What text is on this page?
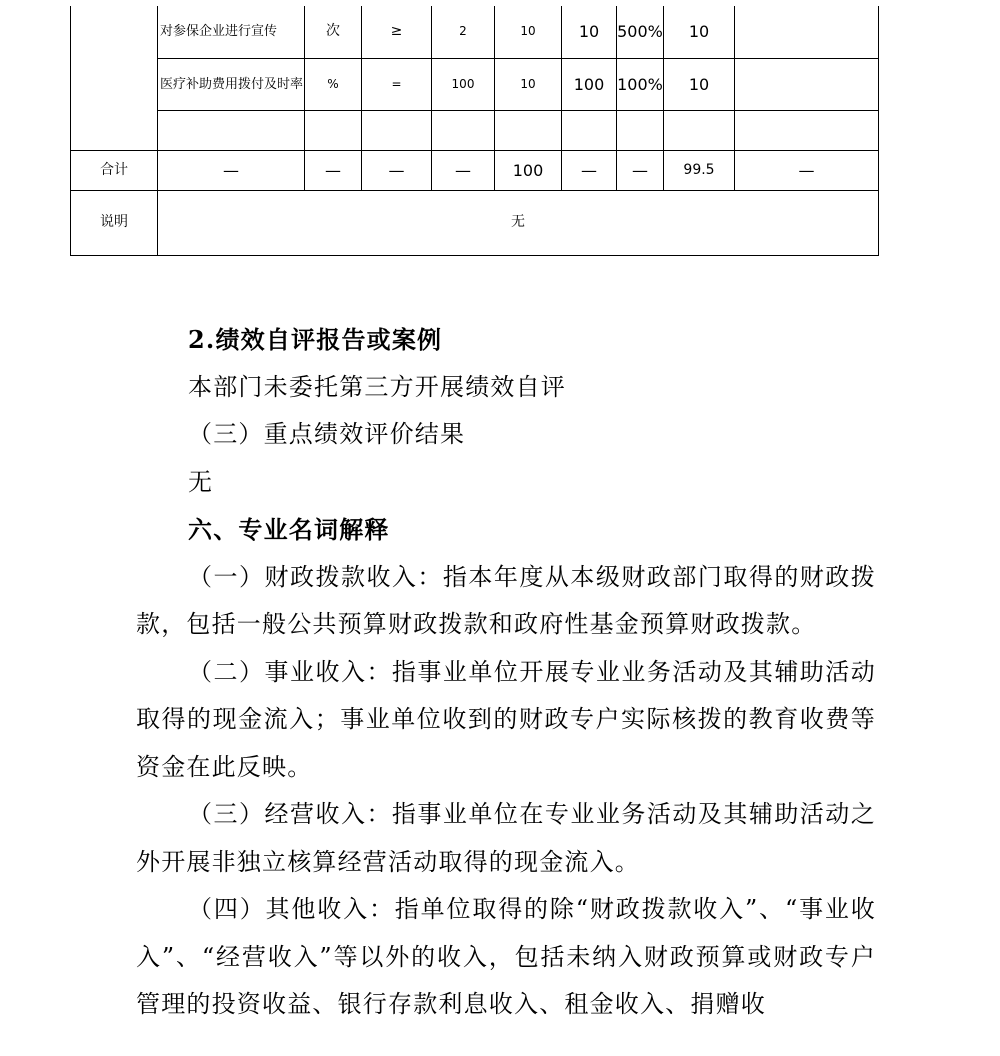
	对参保企业进行宣传	次	≥	2	10	10	500%	10	
	医疗补助费用拨付及时率	%	=	100	10	100	100%	10	

合计	—	—	—	—	100	—	—	99.5	—
说明	无								

2.绩效自评报告或案例

本部门未委托第三方开展绩效自评

（三）重点绩效评价结果

无

六、专业名词解释

（一）财政拨款收入：指本年度从本级财政部门取得的财政拨款，包括一般公共预算财政拨款和政府性基金预算财政拨款。

（二）事业收入：指事业单位开展专业业务活动及其辅助活动取得的现金流入；事业单位收到的财政专户实际核拨的教育收费等资金在此反映。

（三）经营收入：指事业单位在专业业务活动及其辅助活动之外开展非独立核算经营活动取得的现金流入。

（四）其他收入：指单位取得的除“财政拨款收入”、“事业收入”、“经营收入”等以外的收入，包括未纳入财政预算或财政专户管理的投资收益、银行存款利息收入、租金收入、捐赠收
